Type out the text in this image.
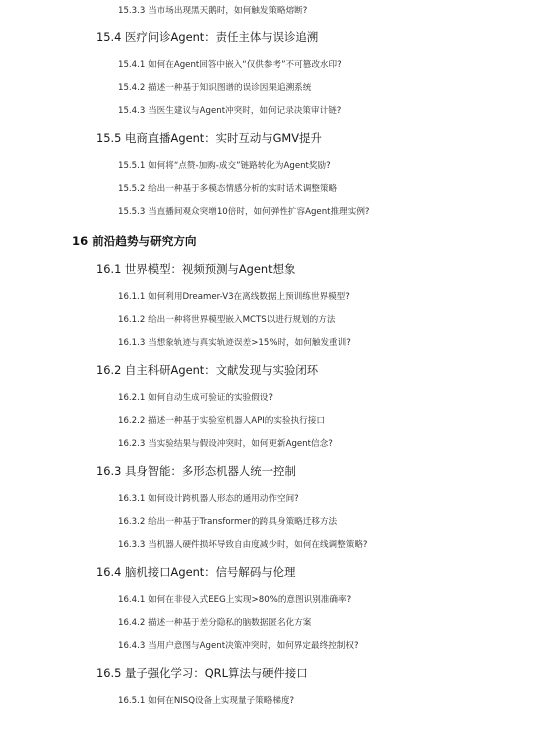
15.3.3 当市场出现黑天鹅时，如何触发策略熔断?
15.4 医疗问诊Agent：责任主体与误诊追溯
15.4.1 如何在Agent回答中嵌入“仅供参考”不可篡改水印?
15.4.2 描述一种基于知识图谱的误诊因果追溯系统
15.4.3 当医生建议与Agent冲突时，如何记录决策审计链?
15.5 电商直播Agent：实时互动与GMV提升
15.5.1 如何将“点赞-加购-成交”链路转化为Agent奖励?
15.5.2 给出一种基于多模态情感分析的实时话术调整策略
15.5.3 当直播间观众突增10倍时，如何弹性扩容Agent推理实例?
16 前沿趋势与研究方向
16.1 世界模型：视频预测与Agent想象
16.1.1 如何利用Dreamer-V3在离线数据上预训练世界模型?
16.1.2 给出一种将世界模型嵌入MCTS以进行规划的方法
16.1.3 当想象轨迹与真实轨迹误差>15%时，如何触发重训?
16.2 自主科研Agent：文献发现与实验闭环
16.2.1 如何自动生成可验证的实验假设?
16.2.2 描述一种基于实验室机器人API的实验执行接口
16.2.3 当实验结果与假设冲突时，如何更新Agent信念?
16.3 具身智能：多形态机器人统一控制
16.3.1 如何设计跨机器人形态的通用动作空间?
16.3.2 给出一种基于Transformer的跨具身策略迁移方法
16.3.3 当机器人硬件损坏导致自由度减少时，如何在线调整策略?
16.4 脑机接口Agent：信号解码与伦理
16.4.1 如何在非侵入式EEG上实现>80%的意图识别准确率?
16.4.2 描述一种基于差分隐私的脑数据匿名化方案
16.4.3 当用户意图与Agent决策冲突时，如何界定最终控制权?
16.5 量子强化学习：QRL算法与硬件接口
16.5.1 如何在NISQ设备上实现量子策略梯度?
